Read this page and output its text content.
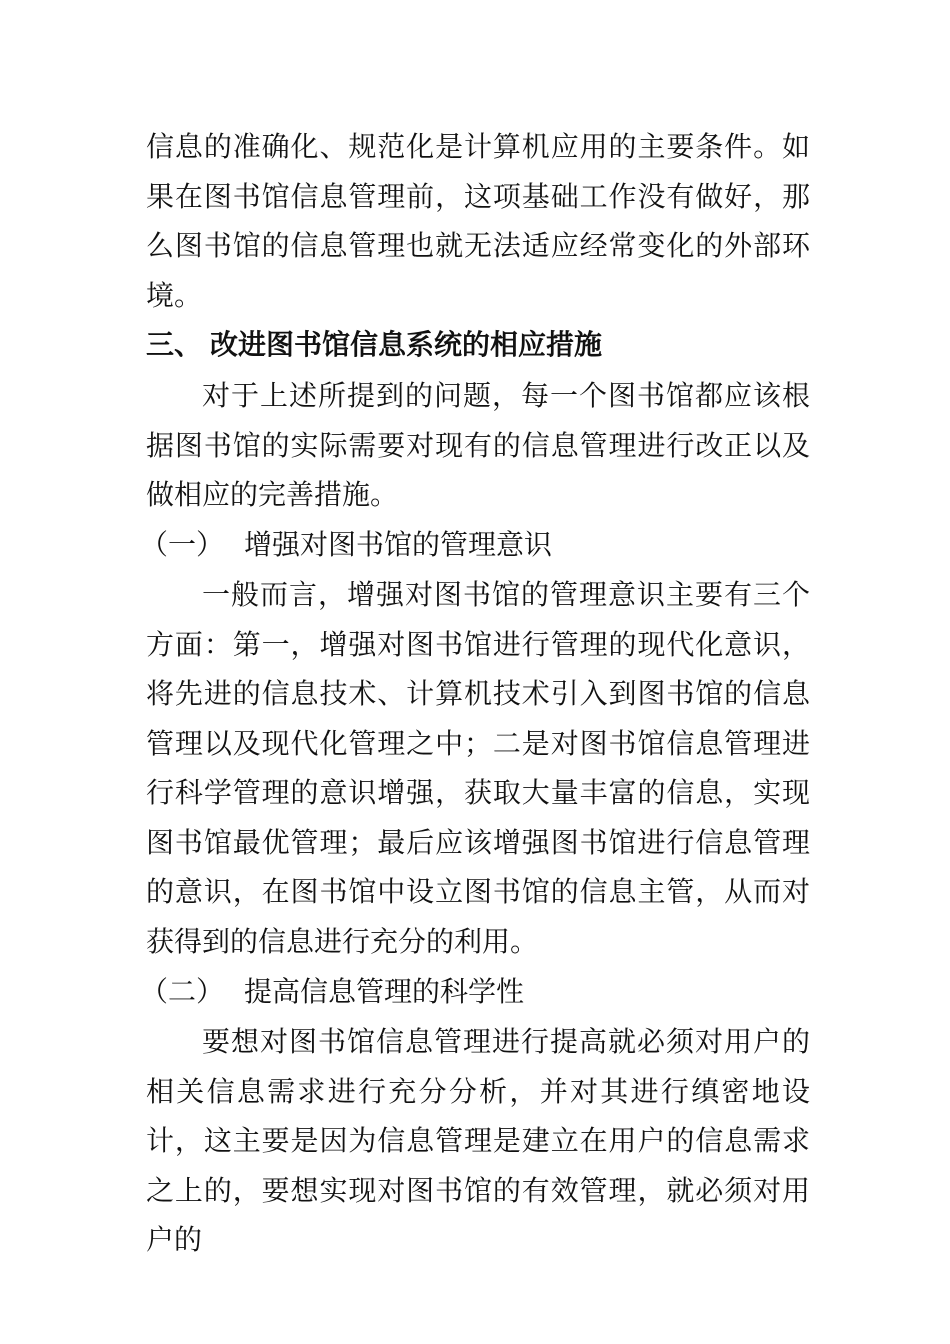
信息的准确化、规范化是计算机应用的主要条件。如果在图书馆信息管理前，这项基础工作没有做好，那么图书馆的信息管理也就无法适应经常变化的外部环境。

三、 改进图书馆信息系统的相应措施

对于上述所提到的问题，每一个图书馆都应该根据图书馆的实际需要对现有的信息管理进行改正以及做相应的完善措施。

（一） 增强对图书馆的管理意识

一般而言，增强对图书馆的管理意识主要有三个方面：第一，增强对图书馆进行管理的现代化意识，将先进的信息技术、计算机技术引入到图书馆的信息管理以及现代化管理之中；二是对图书馆信息管理进行科学管理的意识增强，获取大量丰富的信息，实现图书馆最优管理；最后应该增强图书馆进行信息管理的意识，在图书馆中设立图书馆的信息主管，从而对获得到的信息进行充分的利用。

（二） 提高信息管理的科学性

要想对图书馆信息管理进行提高就必须对用户的相关信息需求进行充分分析，并对其进行缜密地设计，这主要是因为信息管理是建立在用户的信息需求之上的，要想实现对图书馆的有效管理，就必须对用户的
